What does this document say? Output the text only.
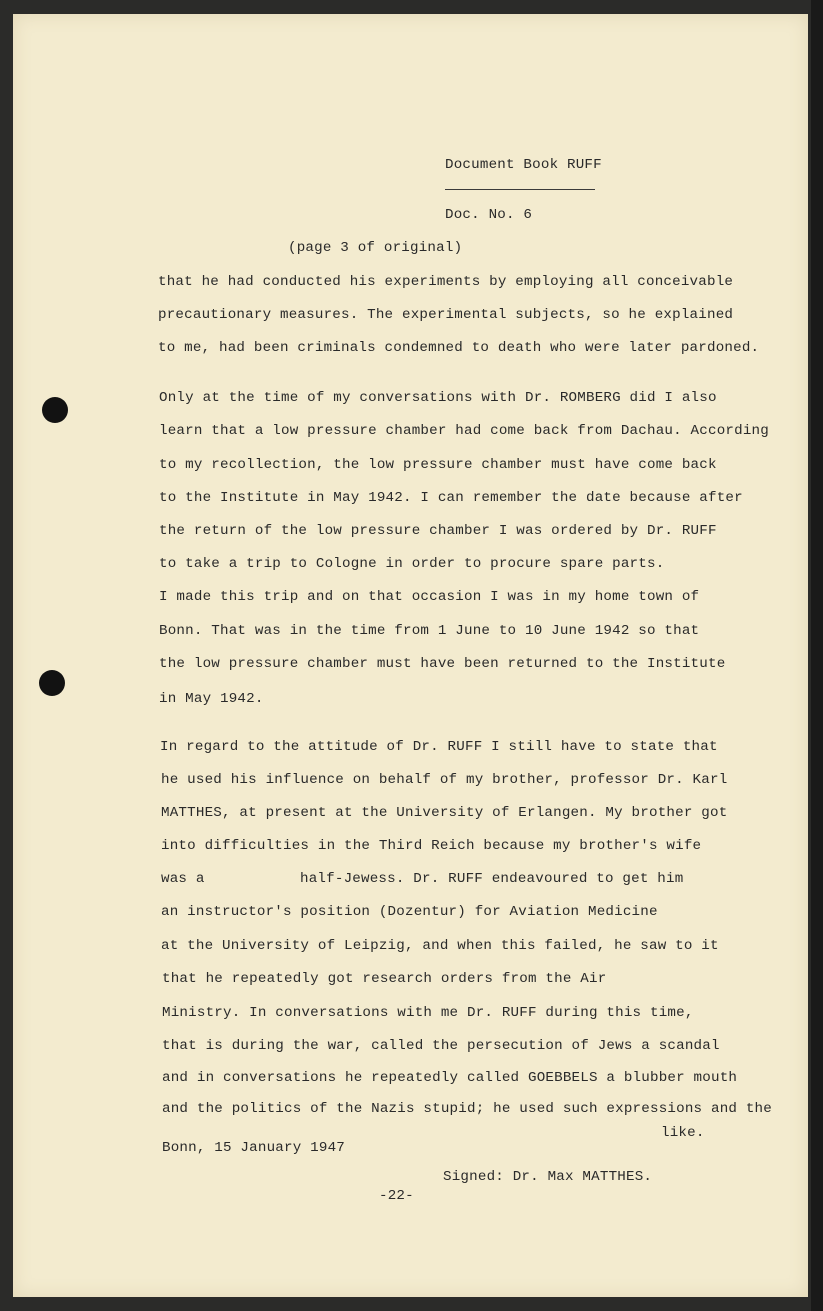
Document Book RUFF

Doc. No. 6

(page 3 of original)

that he had conducted his experiments by employing all conceivable

precautionary measures. The experimental subjects, so he explained

to me, had been criminals condemned to death who were later pardoned.

Only at the time of my conversations with Dr. ROMBERG did I also

learn that a low pressure chamber had come back from Dachau. According

to my recollection, the low pressure chamber must have come back

to the Institute in May 1942. I can remember the date because after

the return of the low pressure chamber I was ordered by Dr. RUFF

to take a trip to Cologne in order to procure spare parts.

I made this trip and on that occasion I was in my home town of

Bonn. That was in the time from 1 June to 10 June 1942 so that

the low pressure chamber must have been returned to the Institute

in May 1942.

In regard to the attitude of Dr. RUFF I still have to state that

he used his influence on behalf of my brother, professor Dr. Karl

MATTHES, at present at the University of Erlangen. My brother got

into difficulties in the Third Reich because my brother's wife

was a	half-Jewess. Dr. RUFF endeavoured to get him

an instructor's position (Dozentur) for Aviation Medicine

at the University of Leipzig, and when this failed, he saw to it

that he repeatedly got research orders from the Air

Ministry. In conversations with me Dr. RUFF during this time,

that is during the war, called the persecution of Jews a scandal

and in conversations he repeatedly called GOEBBELS a blubber mouth

and the politics of the Nazis stupid; he used such expressions and the

like.

Bonn, 15 January 1947

Signed: Dr. Max MATTHES.

-22-
